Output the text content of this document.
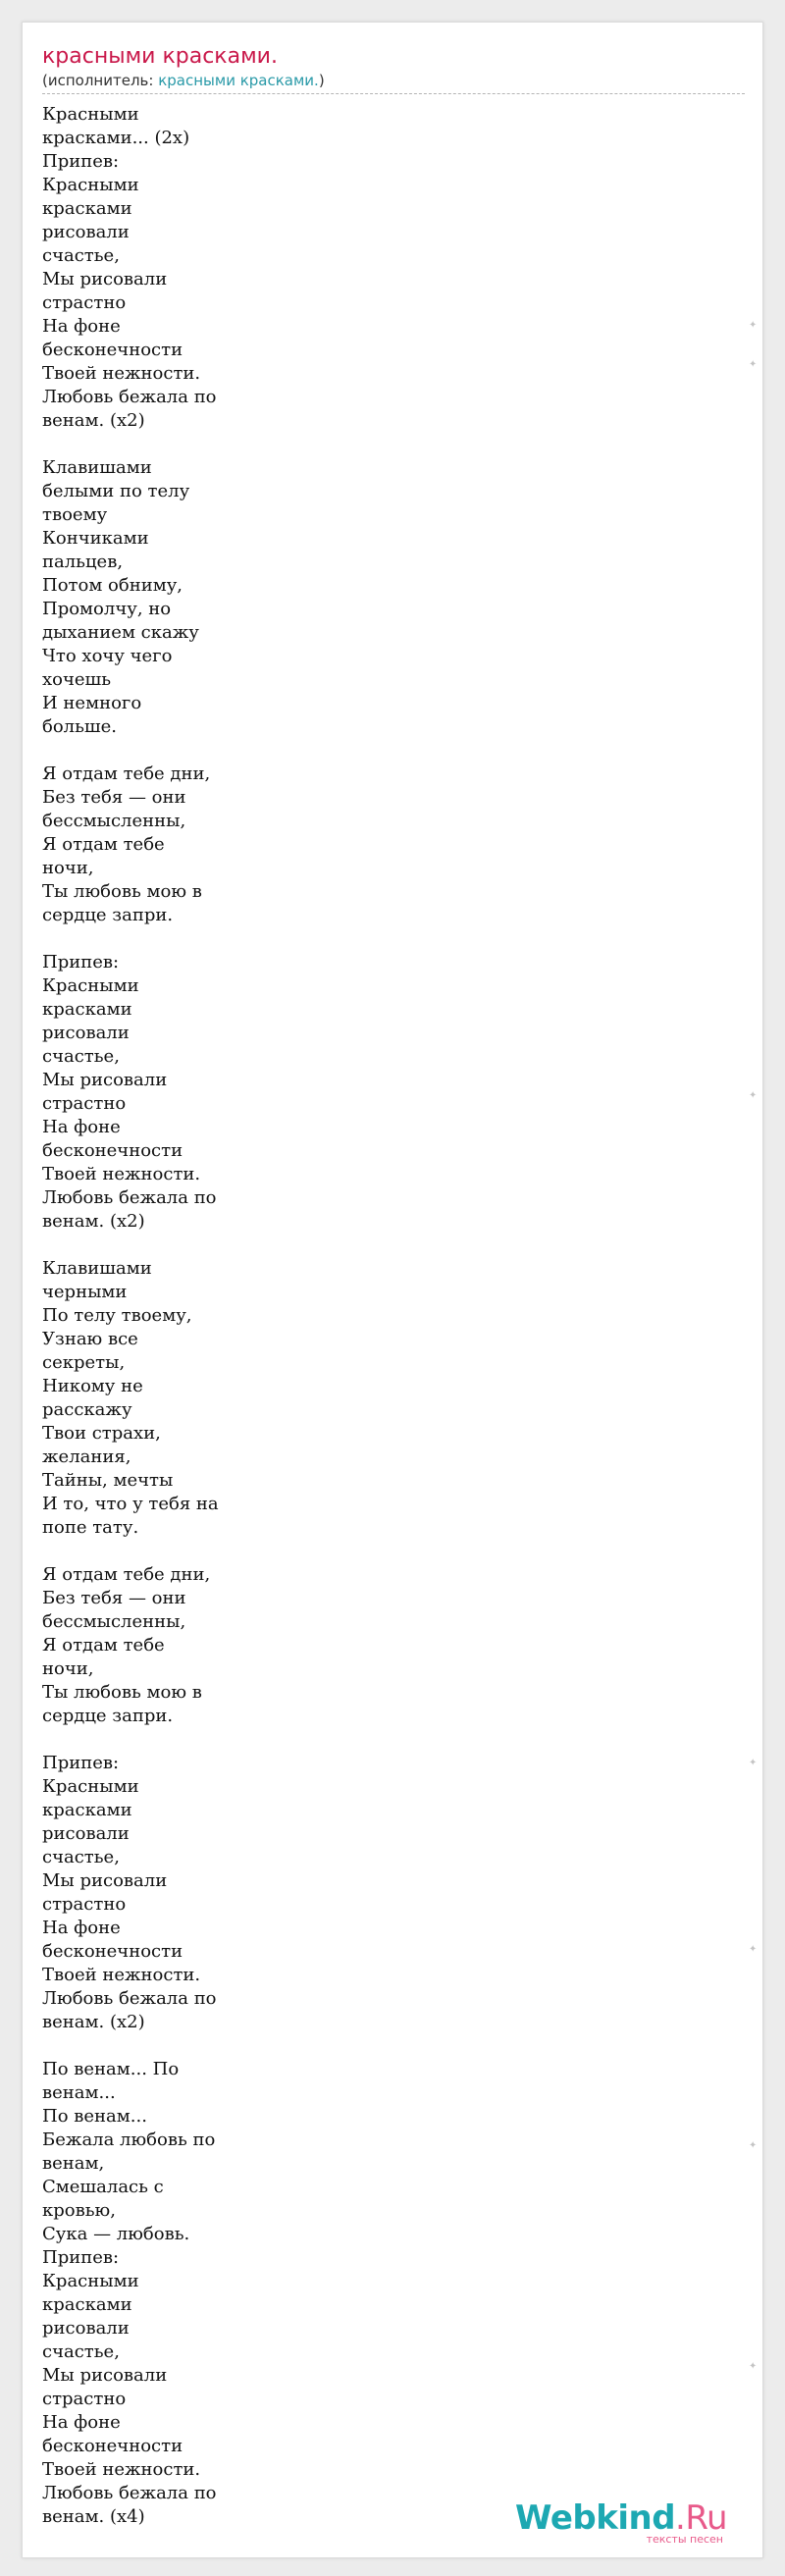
красными красками.
(исполнитель: красными красками.)
Красными
красками... (2х)
Припев:
Красными
красками
рисовали
счастье,
Мы рисовали
страстно
На фоне
бесконечности
Твоей нежности.
Любовь бежала по
венам. (х2)

Клавишами
белыми по телу
твоему
Кончиками
пальцев,
Потом обниму,
Промолчу, но
дыханием скажу
Что хочу чего
хочешь
И немного
больше.

Я отдам тебе дни,
Без тебя — они
бессмысленны,
Я отдам тебе
ночи,
Ты любовь мою в
сердце запри.

Припев:
Красными
красками
рисовали
счастье,
Мы рисовали
страстно
На фоне
бесконечности
Твоей нежности.
Любовь бежала по
венам. (х2)

Клавишами
черными
По телу твоему,
Узнаю все
секреты,
Никому не
расскажу
Твои страхи,
желания,
Тайны, мечты
И то, что у тебя на
попе тату.

Я отдам тебе дни,
Без тебя — они
бессмысленны,
Я отдам тебе
ночи,
Ты любовь мою в
сердце запри.

Припев:
Красными
красками
рисовали
счастье,
Мы рисовали
страстно
На фоне
бесконечности
Твоей нежности.
Любовь бежала по
венам. (х2)

По венам... По
венам...
По венам...
Бежала любовь по
венам,
Смешалась с
кровью,
Сука — любовь.
Припев:
Красными
красками
рисовали
счастье,
Мы рисовали
страстно
На фоне
бесконечности
Твоей нежности.
Любовь бежала по
венам. (х4)
✦
✦
✦
✦
✦
✦
✦
Webkind.Ru
тексты песен
